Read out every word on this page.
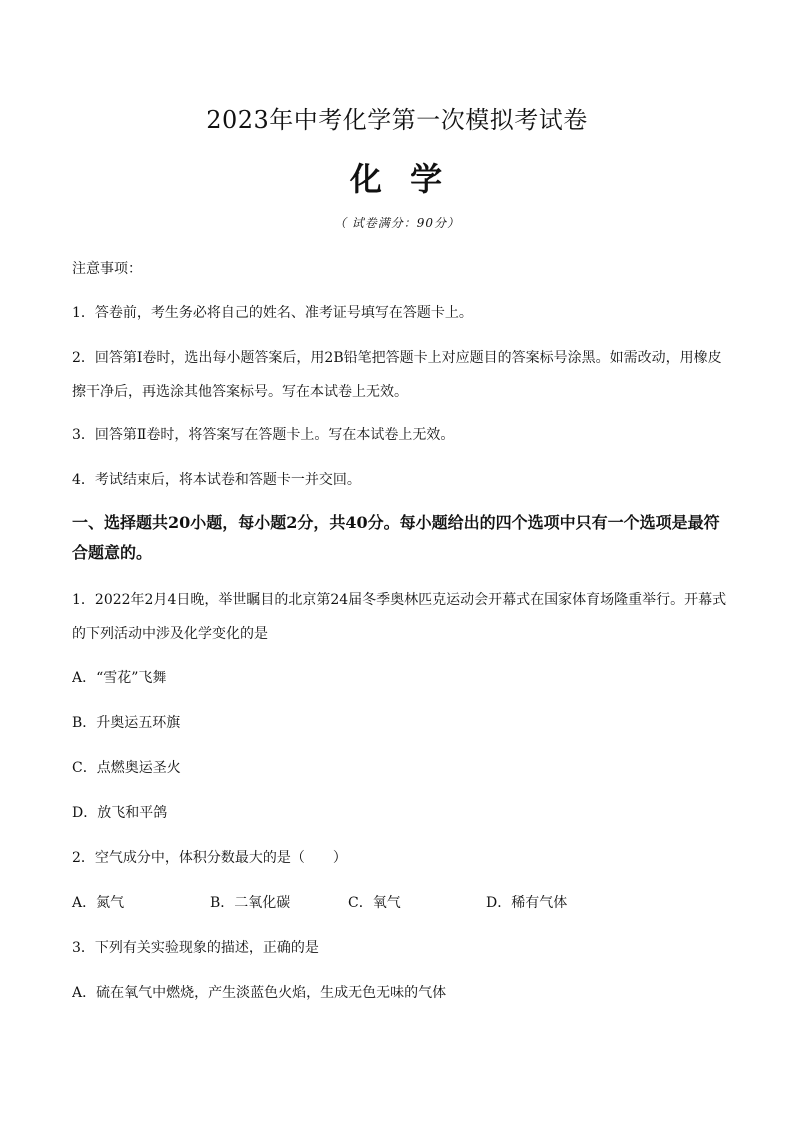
2023年中考化学第一次模拟考试卷
化  学
（ 试卷满分：90分）
注意事项：
1．答卷前，考生务必将自己的姓名、准考证号填写在答题卡上。
2．回答第Ⅰ卷时，选出每小题答案后，用2B铅笔把答题卡上对应题目的答案标号涂黑。如需改动，用橡皮擦干净后，再选涂其他答案标号。写在本试卷上无效。
3．回答第Ⅱ卷时，将答案写在答题卡上。写在本试卷上无效。
4．考试结束后，将本试卷和答题卡一并交回。
一、选择题共20小题，每小题2分，共40分。每小题给出的四个选项中只有一个选项是最符合题意的。
1．2022年2月4日晚，举世瞩目的北京第24届冬季奥林匹克运动会开幕式在国家体育场隆重举行。开幕式的下列活动中涉及化学变化的是
A．“雪花”飞舞
B．升奥运五环旗
C．点燃奥运圣火
D．放飞和平鸽
2．空气成分中，体积分数最大的是（　　）
A．氮气	B．二氧化碳	C．氧气	D．稀有气体
3．下列有关实验现象的描述，正确的是
A．硫在氧气中燃烧，产生淡蓝色火焰，生成无色无味的气体
